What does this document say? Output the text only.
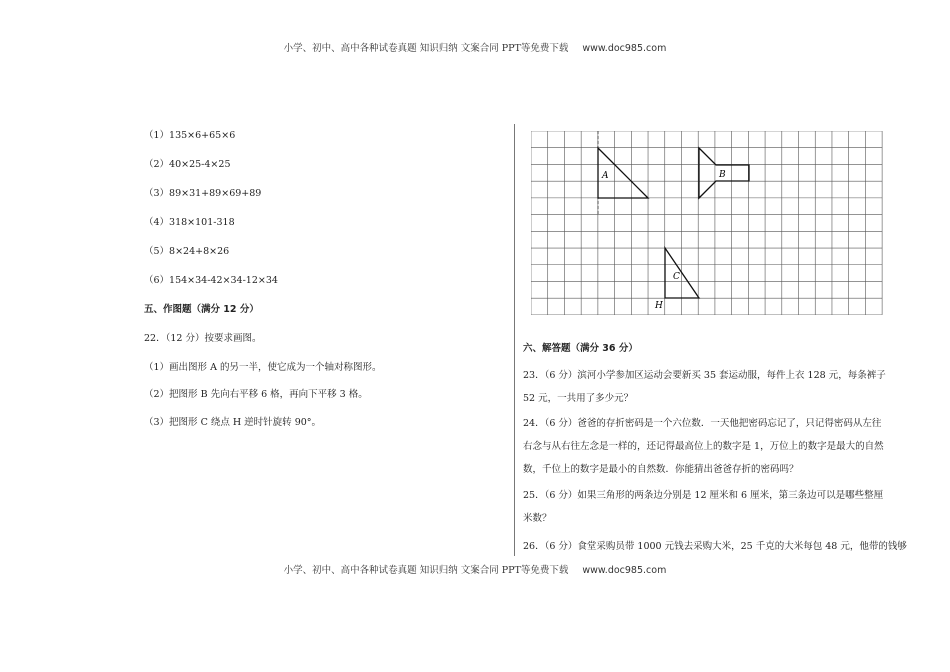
小学、初中、高中各种试卷真题 知识归纳 文案合同 PPT等免费下载 www.doc985.com
（1）135×6+65×6
（2）40×25-4×25
（3）89×31+89×69+89
（4）318×101-318
（5）8×24+8×26
（6）154×34-42×34-12×34
五、作图题（满分 12 分）
22．（12 分）按要求画图。
（1）画出图形 A 的另一半，使它成为一个轴对称图形。
（2）把图形 B 先向右平移 6 格，再向下平移 3 格。
（3）把图形 C 绕点 H 逆时针旋转 90°。
A	B
C
H
六、解答题（满分 36 分）
23．（6 分）滨河小学参加区运动会要新买 35 套运动服，每件上衣 128 元，每条裤子 52 元，一共用了多少元？
24．（6 分）爸爸的存折密码是一个六位数．一天他把密码忘记了，只记得密码从左往右念与从右往左念是一样的，还记得最高位上的数字是 1，万位上的数字是最大的自然数，千位上的数字是最小的自然数．你能猜出爸爸存折的密码吗？
25．（6 分）如果三角形的两条边分别是 12 厘米和 6 厘米，第三条边可以是哪些整厘米数？
26．（6 分）食堂采购员带 1000 元钱去采购大米，25 千克的大米每包 48 元，他带的钱够
小学、初中、高中各种试卷真题 知识归纳 文案合同 PPT等免费下载 www.doc985.com
